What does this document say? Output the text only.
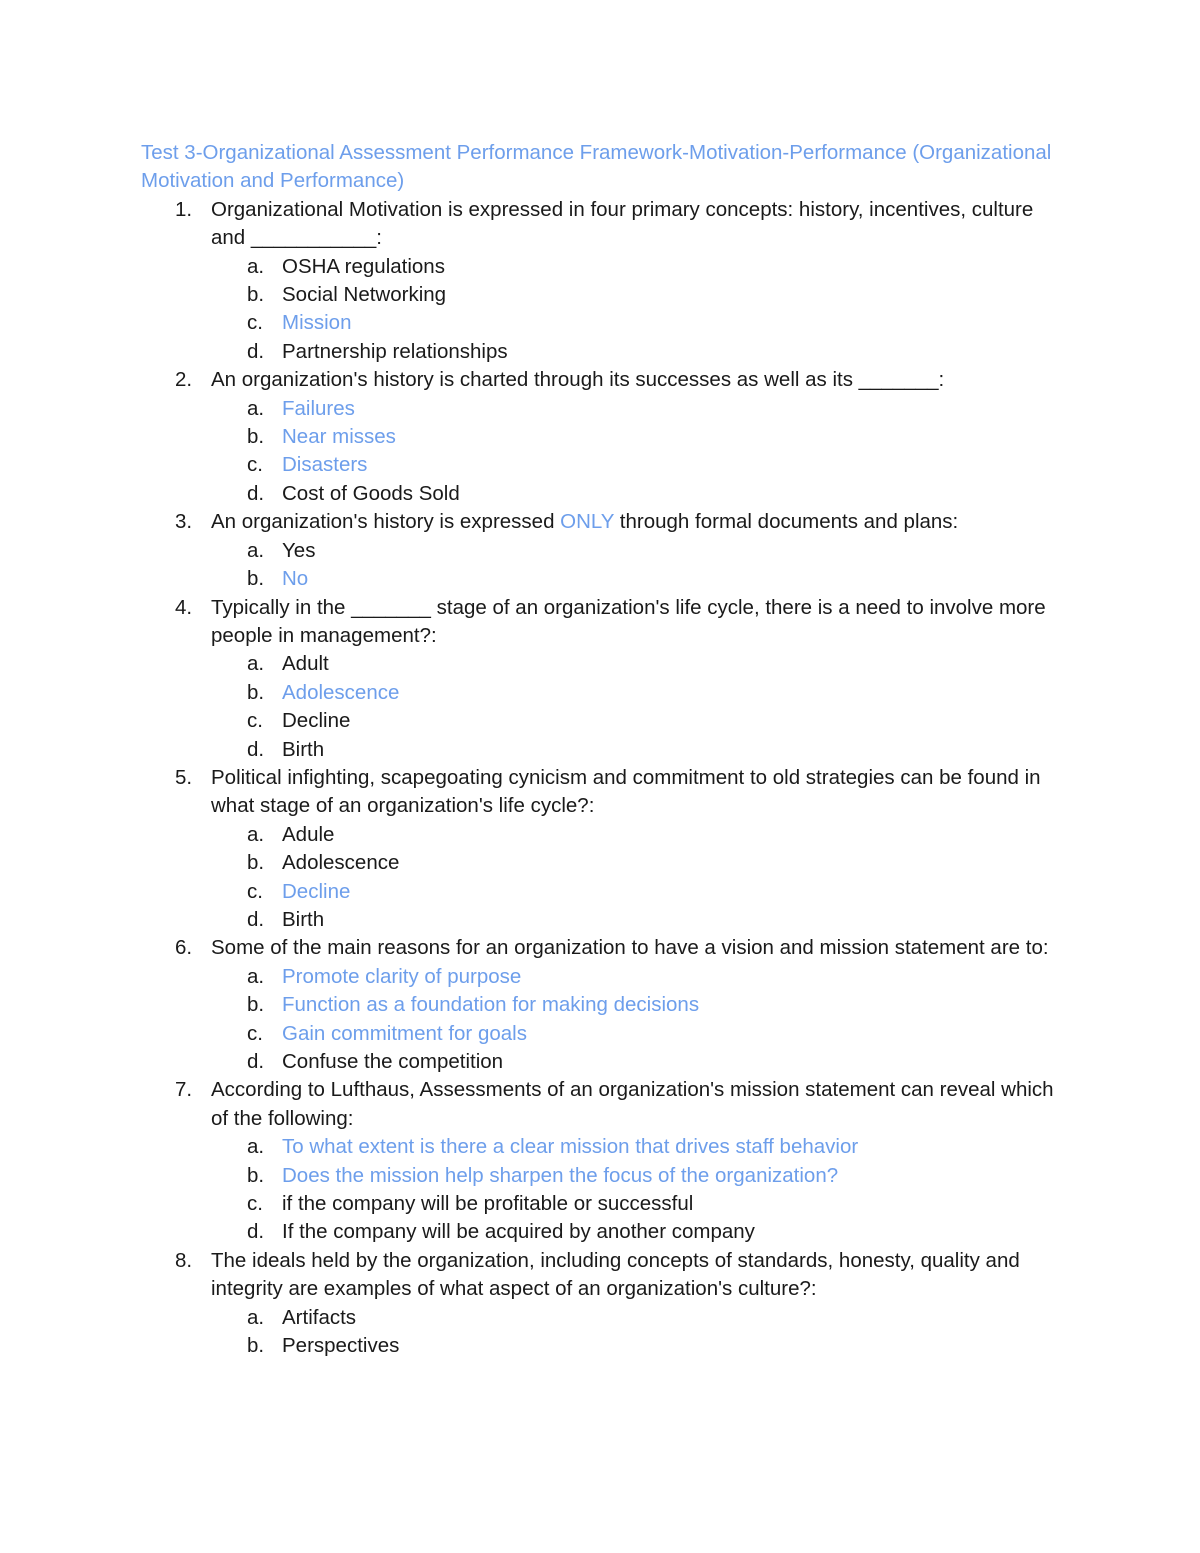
Test 3-Organizational Assessment Performance Framework-Motivation-Performance (Organizational Motivation and Performance)
1. Organizational Motivation is expressed in four primary concepts: history, incentives, culture and ___________:
a. OSHA regulations
b. Social Networking
c. Mission
d. Partnership relationships
2. An organization's history is charted through its successes as well as its _______:
a. Failures
b. Near misses
c. Disasters
d. Cost of Goods Sold
3. An organization's history is expressed ONLY through formal documents and plans:
a. Yes
b. No
4. Typically in the _______ stage of an organization's life cycle, there is a need to involve more people in management?:
a. Adult
b. Adolescence
c. Decline
d. Birth
5. Political infighting, scapegoating cynicism and commitment to old strategies can be found in what stage of an organization's life cycle?:
a. Adule
b. Adolescence
c. Decline
d. Birth
6. Some of the main reasons for an organization to have a vision and mission statement are to:
a. Promote clarity of purpose
b. Function as a foundation for making decisions
c. Gain commitment for goals
d. Confuse the competition
7. According to Lufthaus, Assessments of an organization's mission statement can reveal which of the following:
a. To what extent is there a clear mission that drives staff behavior
b. Does the mission help sharpen the focus of the organization?
c. if the company will be profitable or successful
d. If the company will be acquired by another company
8. The ideals held by the organization, including concepts of standards, honesty, quality and integrity are examples of what aspect of an organization's culture?:
a. Artifacts
b. Perspectives
